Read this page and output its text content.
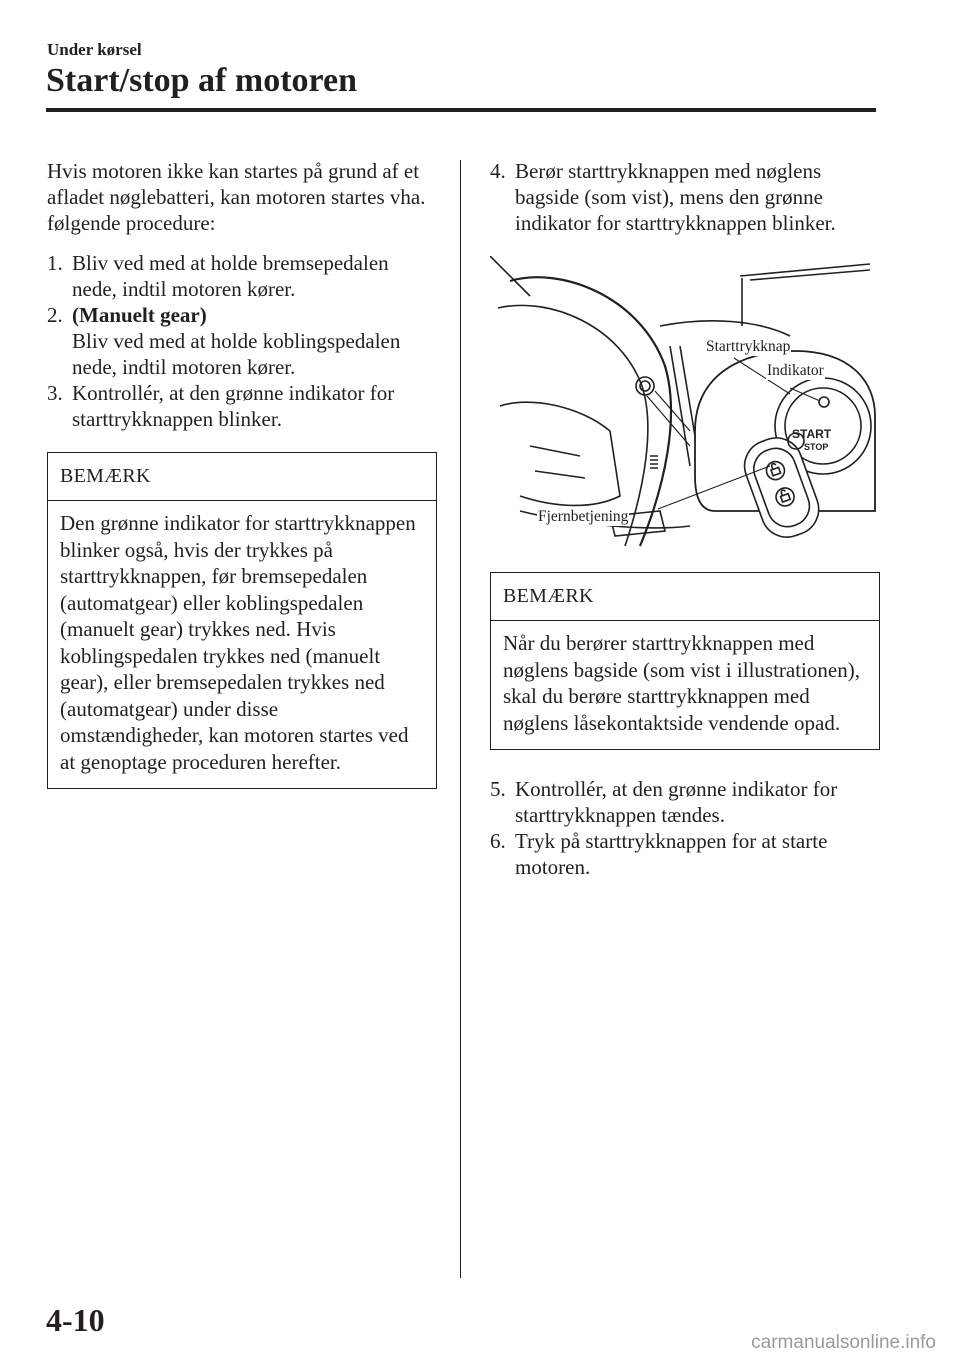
Under kørsel
Start/stop af motoren

Hvis motoren ikke kan startes på grund af et afladet nøglebatteri, kan motoren startes vha. følgende procedure:

1. Bliv ved med at holde bremsepedalen nede, indtil motoren kører.
2. (Manuelt gear)
Bliv ved med at holde koblingspedalen nede, indtil motoren kører.
3. Kontrollér, at den grønne indikator for starttrykknappen blinker.
BEMÆRK
Den grønne indikator for starttrykknappen blinker også, hvis der trykkes på starttrykknappen, før bremsepedalen (automatgear) eller koblingspedalen (manuelt gear) trykkes ned. Hvis koblingspedalen trykkes ned (manuelt gear), eller bremsepedalen trykkes ned (automatgear) under disse omstændigheder, kan motoren startes ved at genoptage proceduren herefter.
4. Berør starttrykknappen med nøglens bagside (som vist), mens den grønne indikator for starttrykknappen blinker.
START
STOP
Starttrykknap
Indikator
Fjernbetjening
BEMÆRK
Når du berører starttrykknappen med nøglens bagside (som vist i illustrationen), skal du berøre starttrykknappen med nøglens låsekontaktside vendende opad.
5. Kontrollér, at den grønne indikator for starttrykknappen tændes.
6. Tryk på starttrykknappen for at starte motoren.
4-10
carmanualsonline.info
